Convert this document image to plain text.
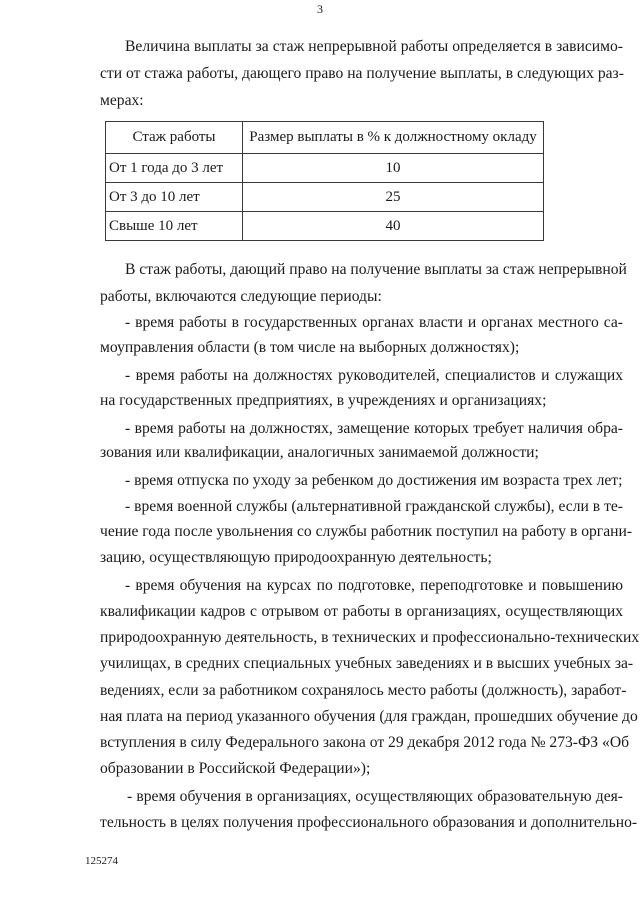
3
Величина выплаты за стаж непрерывной работы определяется в зависимо-
сти от стажа работы, дающего право на получение выплаты, в следующих раз-
мерах:
Стаж работы	Размер выплаты в % к должностному окладу
От 1 года до 3 лет	10
От 3 до 10 лет	25
Свыше 10 лет	40
В стаж работы, дающий право на получение выплаты за стаж непрерывной
работы, включаются следующие периоды:
- время работы в государственных органах власти и органах местного са-
моуправления области (в том числе на выборных должностях);
- время работы на должностях руководителей, специалистов и служащих
на государственных предприятиях, в учреждениях и организациях;
- время работы на должностях, замещение которых требует наличия обра-
зования или квалификации, аналогичных занимаемой должности;
- время отпуска по уходу за ребенком до достижения им возраста трех лет;
- время военной службы (альтернативной гражданской службы), если в те-
чение года после увольнения со службы работник поступил на работу в органи-
зацию, осуществляющую природоохранную деятельность;
- время обучения на курсах по подготовке, переподготовке и повышению
квалификации кадров с отрывом от работы в организациях, осуществляющих
природоохранную деятельность, в технических и профессионально-технических
училищах, в средних специальных учебных заведениях и в высших учебных за-
ведениях, если за работником сохранялось место работы (должность), заработ-
ная плата на период указанного обучения (для граждан, прошедших обучение до
вступления в силу Федерального закона от 29 декабря 2012 года № 273-ФЗ «Об
образовании в Российской Федерации»);
- время обучения в организациях, осуществляющих образовательную дея-
тельность в целях получения профессионального образования и дополнительно-
125274
